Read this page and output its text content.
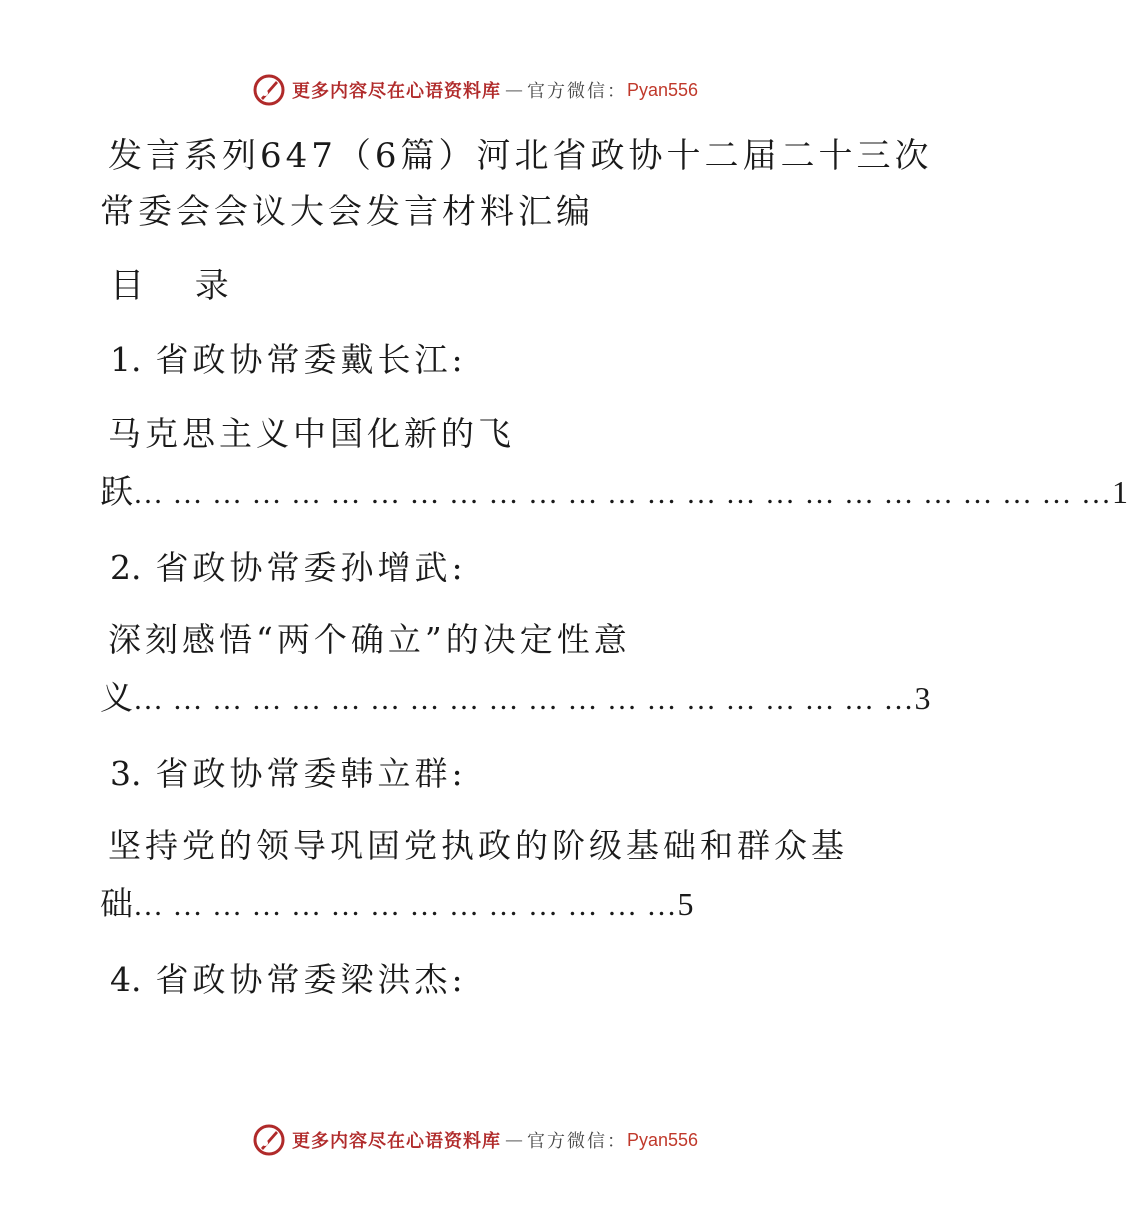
更多内容尽在心语资料库 — 官方微信： Pyan556
发言系列647（6篇）河北省政协十二届二十三次
常委会会议大会发言材料汇编
目 录
1. 省政协常委戴长江:
马克思主义中国化新的飞
跃… … … … … … … … … … … … … … … … … … … … … … … … …1
2. 省政协常委孙增武:
深刻感悟“两个确立”的决定性意
义… … … … … … … … … … … … … … … … … … … …3
3. 省政协常委韩立群:
坚持党的领导巩固党执政的阶级基础和群众基
础… … … … … … … … … … … … … …5
4. 省政协常委梁洪杰:
更多内容尽在心语资料库 — 官方微信： Pyan556
